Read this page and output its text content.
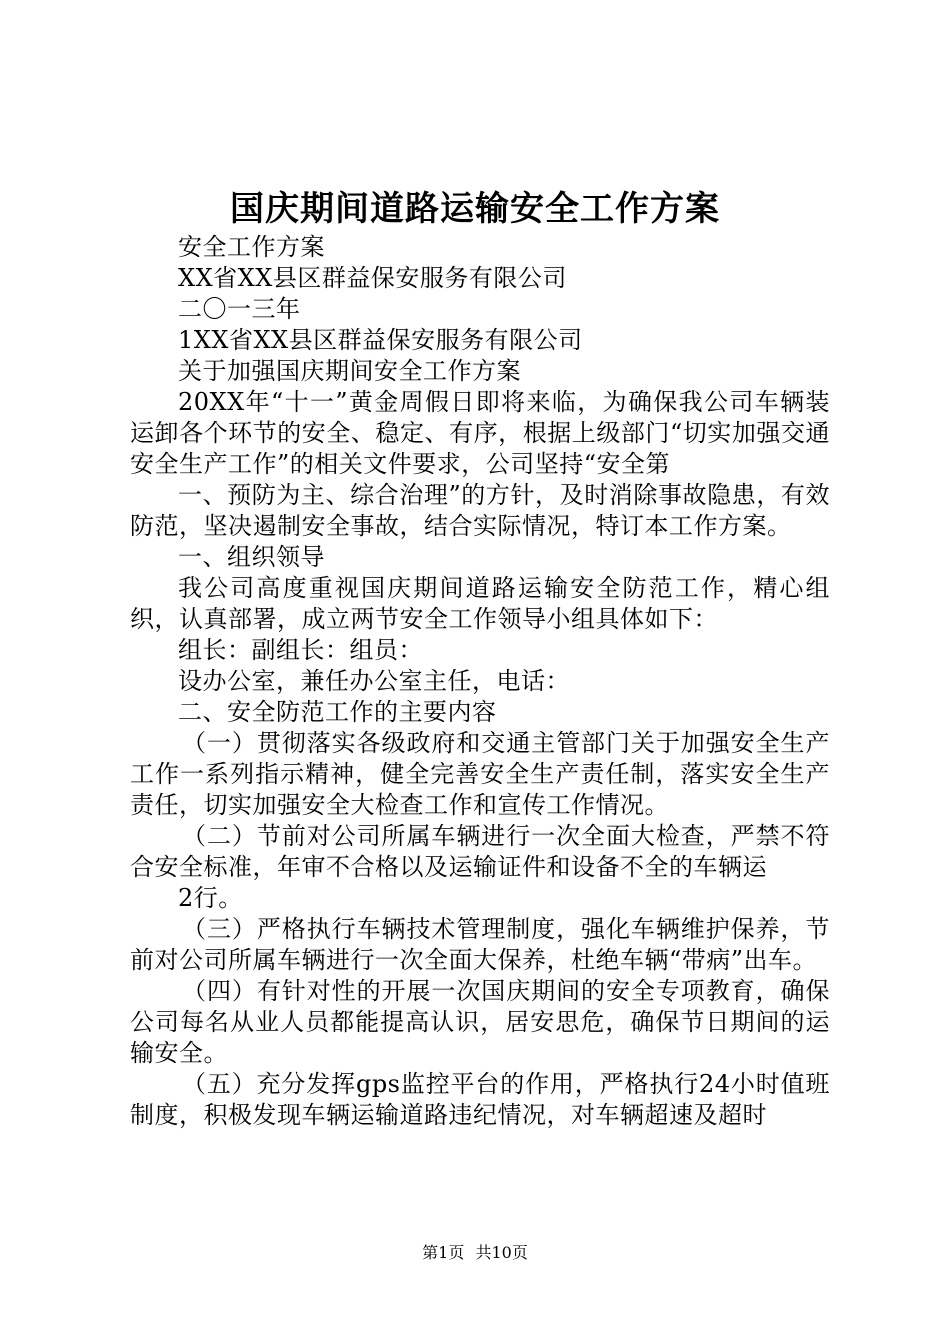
国庆期间道路运输安全工作方案

安全工作方案

XX省XX县区群益保安服务有限公司

二〇一三年

1XX省XX县区群益保安服务有限公司

关于加强国庆期间安全工作方案

20XX年“十一”黄金周假日即将来临，为确保我公司车辆装运卸各个环节的安全、稳定、有序，根据上级部门“切实加强交通安全生产工作”的相关文件要求，公司坚持“安全第

一、预防为主、综合治理”的方针，及时消除事故隐患，有效防范，坚决遏制安全事故，结合实际情况，特订本工作方案。

一、组织领导

我公司高度重视国庆期间道路运输安全防范工作，精心组织，认真部署，成立两节安全工作领导小组具体如下：

组长：副组长：组员：

设办公室，兼任办公室主任，电话：

二、安全防范工作的主要内容

（一）贯彻落实各级政府和交通主管部门关于加强安全生产工作一系列指示精神，健全完善安全生产责任制，落实安全生产责任，切实加强安全大检查工作和宣传工作情况。

（二）节前对公司所属车辆进行一次全面大检查，严禁不符合安全标准，年审不合格以及运输证件和设备不全的车辆运

2行。

（三）严格执行车辆技术管理制度，强化车辆维护保养，节前对公司所属车辆进行一次全面大保养，杜绝车辆“带病”出车。

（四）有针对性的开展一次国庆期间的安全专项教育，确保公司每名从业人员都能提高认识，居安思危，确保节日期间的运输安全。

（五）充分发挥gps监控平台的作用，严格执行24小时值班制度，积极发现车辆运输道路违纪情况，对车辆超速及超时

第1页 共10页
